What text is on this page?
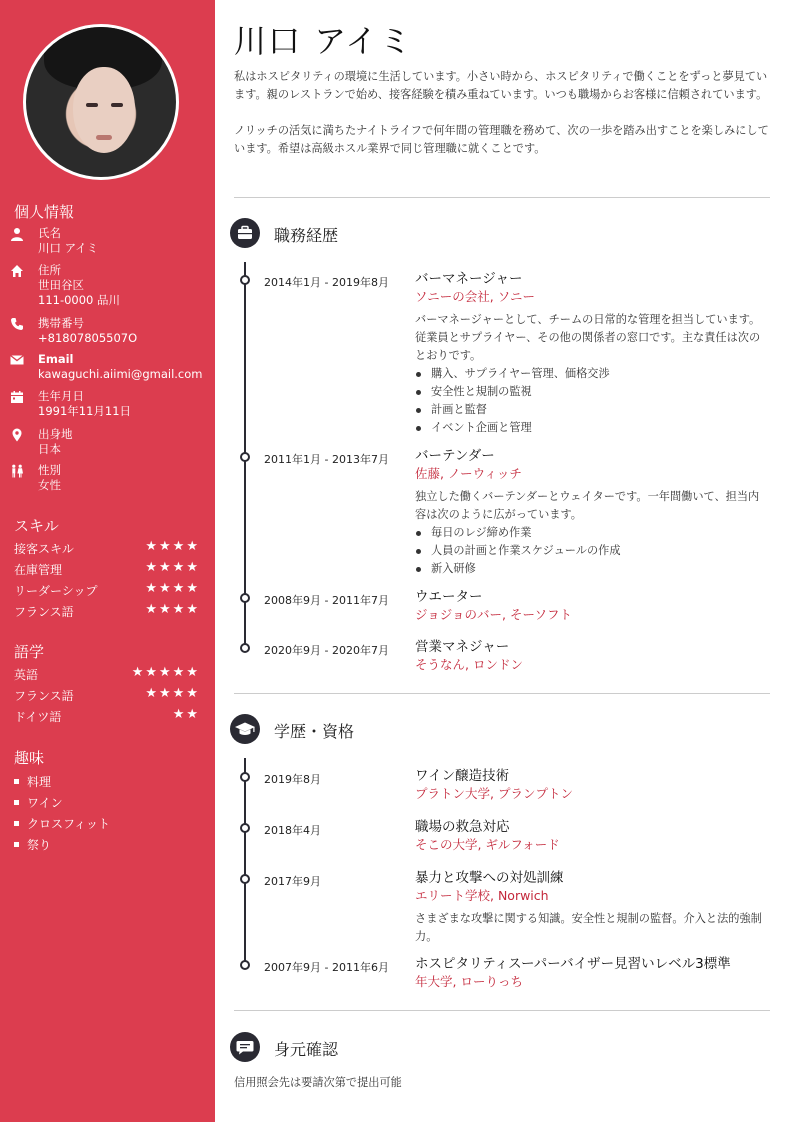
個人情報
氏名
川口 アイミ
住所
世田谷区
111-0000 品川
携帯番号
+81807805507O
Email
kawaguchi.aiimi@gmail.com
生年月日
1991年11月11日
出身地
日本
性別
女性
スキル
接客スキル	★★★★
在庫管理	★★★★
リーダーシップ	★★★★
フランス語	★★★★
語学
英語	★★★★★
フランス語	★★★★
ドイツ語	★★
趣味
料理
ワイン
クロスフィット
祭り
川口 アイミ

私はホスピタリティの環境に生活しています。小さい時から、ホスピタリティで働くことをずっと夢見ています。親のレストランで始め、接客経験を積み重ねています。いつも職場からお客様に信頼されています。

ノリッチの活気に満ちたナイトライフで何年間の管理職を務めて、次の一歩を踏み出すことを楽しみにしています。希望は高級ホスル業界で同じ管理職に就くことです。

職務経歴
2014年1月 - 2019年8月 バーマネージャー
ソニーの会社, ソニー
バーマネージャーとして、チームの日常的な管理を担当しています。従業員とサプライヤー、その他の関係者の窓口です。主な責任は次のとおりです。
購入、サプライヤー管理、価格交渉
安全性と規制の監視
計画と監督
イベント企画と管理
2011年1月 - 2013年7月 バーテンダー
佐藤, ノーウィッチ
独立した働くバーテンダーとウェイターです。一年間働いて、担当内容は次のように広がっています。
毎日のレジ締め作業
人員の計画と作業スケジュールの作成
新入研修
2008年9月 - 2011年7月 ウエーター
ジョジョのバー, そーソフト
2020年9月 - 2020年7月 営業マネジャー
そうなん, ロンドン
学歴・資格
2019年8月	ワイン醸造技術
プラトン大学, プランプトン
2018年4月	職場の救急対応
そこの大学, ギルフォード
2017年9月	暴力と攻撃への対処訓練
エリート学校, Norwich
さまざまな攻撃に関する知識。安全性と規制の監督。介入と法的強制力。
2007年9月 - 2011年6月 ホスピタリティスーパーバイザー見習いレベル3標準
年大学, ローりっち
身元確認
信用照会先は要請次第で提出可能
